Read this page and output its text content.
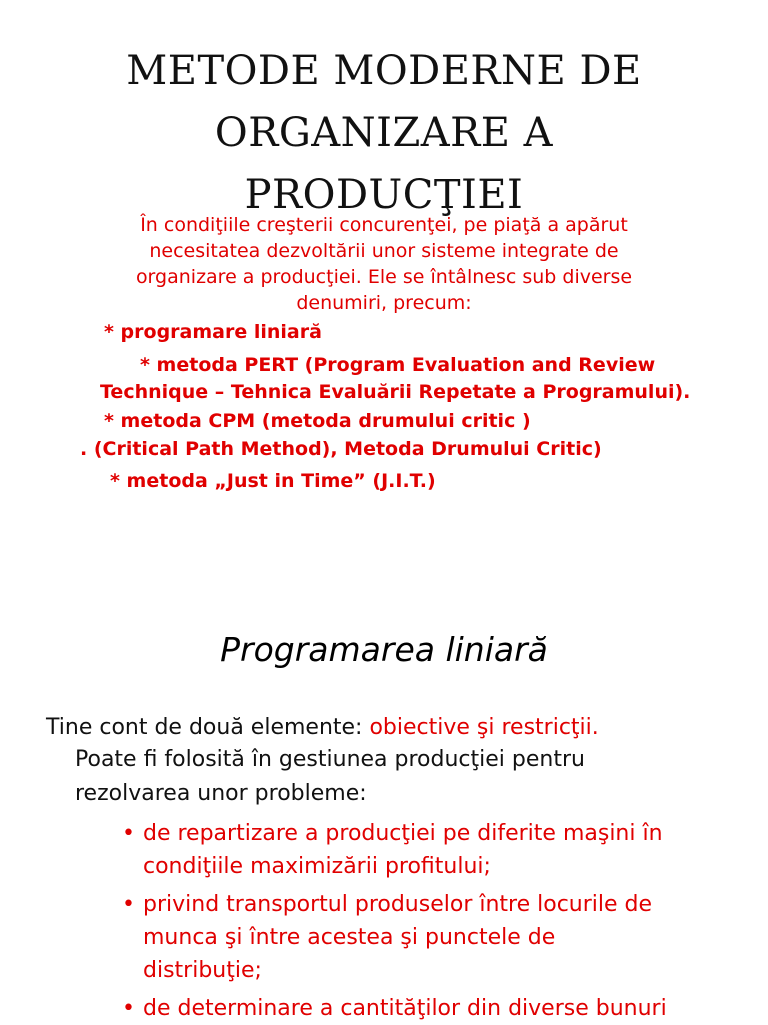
METODE MODERNE DE
ORGANIZARE A
PRODUCŢIEI
În condiţiile creşterii concurenţei, pe piaţă a apărut
necesitatea dezvoltării unor sisteme integrate de
organizare a producţiei. Ele se întâlnesc sub diverse
denumiri, precum:
* programare liniară
* metoda PERT (Program Evaluation and Review
Technique – Tehnica Evaluării Repetate a Programului).
* metoda CPM (metoda drumului critic )
. (Critical Path Method), Metoda Drumului Critic)
* metoda „Just in Time” (J.I.T.)
Programarea liniară
Tine cont de două elemente: obiective şi restricţii.
Poate fi folosită în gestiunea producţiei pentru
rezolvarea unor probleme:
• de repartizare a producţiei pe diferite maşini în
condiţiile maximizării profitului;
• privind transportul produselor între locurile de
munca şi între acestea şi punctele de
distribuţie;
• de determinare a cantităţilor din diverse bunuri
